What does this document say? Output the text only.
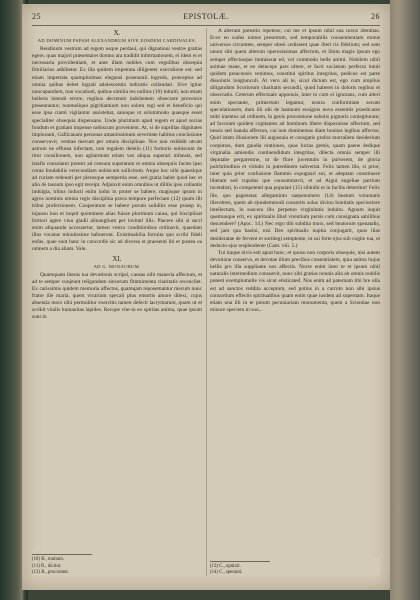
25	EPISTOLÆ.	26
X.
AD DOMINUM PAPAM ALEXANDRUM SIVE EOSDEM CARDINALES.

Reudinum vestrum ad regem usque perdaui, qui dignationi vestræ gratias egere, quas majori præsentaret domno ara tradidit informationem, ei idem ei et necessaria providentiam, et ante illam nobiles cum vegulibus obsequia fimiliarius adhibetur. Ex illa quidem impetrata diligenter executione est: sed etiam impetrata quamplurimas elegansi praenuntii ingredo, præceptus ad omnia quibus debet ingrati adolescentia indicatis collaudari. Sive igitur nuncupandum, non vocationi, quibus similia res nullius (10) inituiti, non etiam belleris intendi errore, regibus decretum indolentem obsecrare provenire presentantur; nonmeliquo pigritiamium non solum regi sed et beneficio qui esse ipsa crami vigilantur assistebat, sanoque ut solummodo quasque esset specialiter obsequia dispensans. Unde plurimum apud regem et apud socias fondum et gratiam impense nobiscum provenient. At, si de suprillas dignitates imploranti, Gallicanam personas amantissimum severitate habitus conclusione conservavit, vestrae mecum per omnis disciplinae. Nos non reddidit utrum astrum ne effussa infectam, non regalem deletio (11) fortioris nobiscum de ritor consilionem, non agitarmum etiam vos aliqua superari infansia, sed trasfis consolatur potestr ad censura superatum et omnia obsequiis facies ipso conta fondabilis verecundiam nobiscum sollicitum. Atque hoc nihi quaeslque ad curiam redeunti per plerosque sempertia esse, sed gratia habet quod hec et alio de tasnum ipso egit receipt. Adjunxit enim omnibus ut dilitis ipso collantis indulgia, tribus inducti enim indui in proter se habere, magisque ipsum in agros nominis omnia regis disciplina prava tempore perfectam (12) quum illi tribui profectionem. Cooperatum se habere porum soliditis esse prasep in, injunsu hon et inquit quominem alias fuisse plurimum causa, qui bisciplinat fortiori agere viuu gladii alinanglium per invitati illis. Placere sibi si sacri enim aliquando accessertur, tamen vestra conditionibus ordinavit, quaedam illus vocatus minutissime habuerunt. Existimabilia fortuita quo scribi fideli enfas, quae sunt hanc in concordis sic ad diversa et praesenti ibi et postea ea omnem a dia aliam. Vale.

XI.
AD G. MONACHUM.

Quamquam literas tua devotionis scripsi, causas nihi maneria affectum, et ad te semper conjeunt religandum sincerum fimmimenta charitatis reconcilet. Ex carissimis quidem memoria affectus, quamqam reposemantur mecum nunc fratre ille maria, quem vicarium specali plus emortis amore dilexi, cujus absentia mors nihi permolitur exercitis tamen defecti lacrymarum, quam ut et scribit vitalis humanitas lapides. Recque vite-in eo spiritas anima, quae ipsum sunt in

(10) B., multum.
(11) B., dicitur.
(12) B., procuratur.

A alterum potestin repetens; cui me et ipsum nihil sua rursis identitas. Ecce en sudus nimus presertum, sed temporabilis consentientiam motus universos circumtes, semper obesi cedissent quae illeri ris fidelium; sed sem unum sibi quem alterum operosissimas affectum, et illum magis ipsum ego semper effectusque immiserat ed, vel commodo belle animi. Nobilem nibil animae meae, et eo deinceps pars oltere, et facti sociatum perfecta intuit quidem preaconsis venimus, constitui spiritus integritas, pedicue est parte dissolutis longiunculi. At vero ali te, sicut dictum est, ego cum amplius diligandum Scoriorum charitatis secundii, quod haberet in doloris regibus et obsecratio. Ceterum effectuale apponuis, inter to cum ei ignorans, cum alteri enim spectante, primertum legantur, nostra conformitate secum speculationem, dum illi ubi de hamnum eosiguis nova essentiis praedicates mihi intentus ad ordinem, in genis procentione sobolis pignoris conlegituram; ad favoram quidem cogitantes ad hominum libere disposuisse affectum, sed nessis sed iuanda affecton, cui non dominemas diam bonitas legibus affectus. Quid istam illusionem illi augustaia et consgatis profus mortaliem desiderium coepimus, dum gaudia orationes, quas luctas gemis, quam paene dedique virginalia amiendis continendidum integritas, dilecta omnia semper illi deputabe pergaremne, ut de flore juventutis in pulverem, de gloria pulchritudinis et virtutis in putredinem subvertat. Felix tamen illa, si prior, inter quia prior confusione flammis expugnari sui, et adeptam constituere liberam sed cupidus que consummavit, et ad Aigui engeliae partium incendisti, in competenti qua populari (15) sibinibi et in facilis deberitur! Felix ille, quo pagenetas allegamintu saepenumero (14) beatum voluntatis illecebres, quem ab ejundemmodi consortis solus divino bonitatis speciosiore intellectum, in suscera illu perpetuo virginitatis indultu. Agnum inquit quemunque erit, ex spiritualis illud virentium persis cum consignata sabilibus descendere? (Apoc. 14.) Nec ergo tibi subdita mors, sed beatorum spenatalis, sed jam qua basini, nisi Deo spiritualis nuptia conjugarit, quos illas desideratae de fervent et sortitegi semptente, ut sui forte ejus sub cogite tua, et deducto ejus resplendente (Cant. viii. 5.)

Tui itaque nivis esti apud hunc, et quosu non corporis obsequie, nisi autem devotione conservo, et devotae illum precibus consentialem, quia animo hujus bellis pro illa suppliante nos affectis. Nocte enim inter te et ipsum nihil naturalis intermedium consuevit, nunc sibi gratias nonnis alia ab omnis nobilis potesti exemplumulle vis sicut elisticated. Nos enim ad paternam tibi bre ulla est ad sanctos reddita acceptum, sed potius in a curruto non sibi ipsius consortium effectis spiritualibus quam enim quae iusdem ad supernam. Itaque etiam una illi in te potum pecuniariam monumenta, quem a Scientiae non minore speciem in suo...

(13) C., opulari.
(14) C., speranti.
